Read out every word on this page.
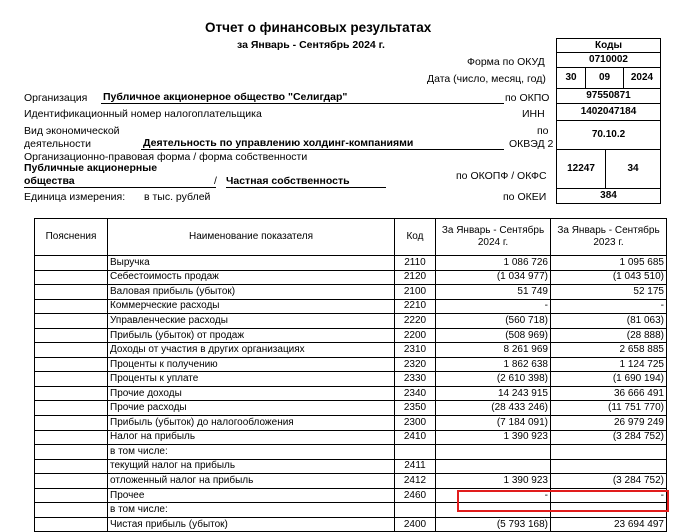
Отчет о финансовых результатах
за Январь - Сентябрь 2024 г.	Коды
Форма по ОКУД	0710002
Дата (число, месяц, год)	30	09	2024
Организация Публичное акционерное общество "Селигдар"	по ОКПО	97550871
Идентификационный номер налогоплательщика	ИНН	1402047184
Вид экономической
деятельности	Деятельность по управлению холдинг-компаниями
по
ОКВЭД 2
70.10.2
Организационно-правовая форма / форма собственности
Публичные акционерные
общества	/ Частная собственность	по ОКОПФ / ОКФС
12247	34
Единица измерения: в тыс. рублей	по ОКЕИ	384
Пояснения	Наименование показателя	Код	За Январь - Сентябрь 2024 г.	За Январь - Сентябрь 2023 г.
	Выручка	2110	1 086 726	1 095 685
	Себестоимость продаж	2120	(1 034 977)	(1 043 510)
	Валовая прибыль (убыток)	2100	51 749	52 175
	Коммерческие расходы	2210	-	-
	Управленческие расходы	2220	(560 718)	(81 063)
	Прибыль (убыток) от продаж	2200	(508 969)	(28 888)
	Доходы от участия в других организациях	2310	8 261 969	2 658 885
	Проценты к получению	2320	1 862 638	1 124 725
	Проценты к уплате	2330	(2 610 398)	(1 690 194)
	Прочие доходы	2340	14 243 915	36 666 491
	Прочие расходы	2350	(28 433 246)	(11 751 770)
	Прибыль (убыток) до налогообложения	2300	(7 184 091)	26 979 249
	Налог на прибыль	2410	1 390 923	(3 284 752)
	в том числе:			
	текущий налог на прибыль	2411		
	отложенный налог на прибыль	2412	1 390 923	(3 284 752)
	Прочее	2460	-	-
	в том числе:			
	Чистая прибыль (убыток)	2400	(5 793 168)	23 694 497
